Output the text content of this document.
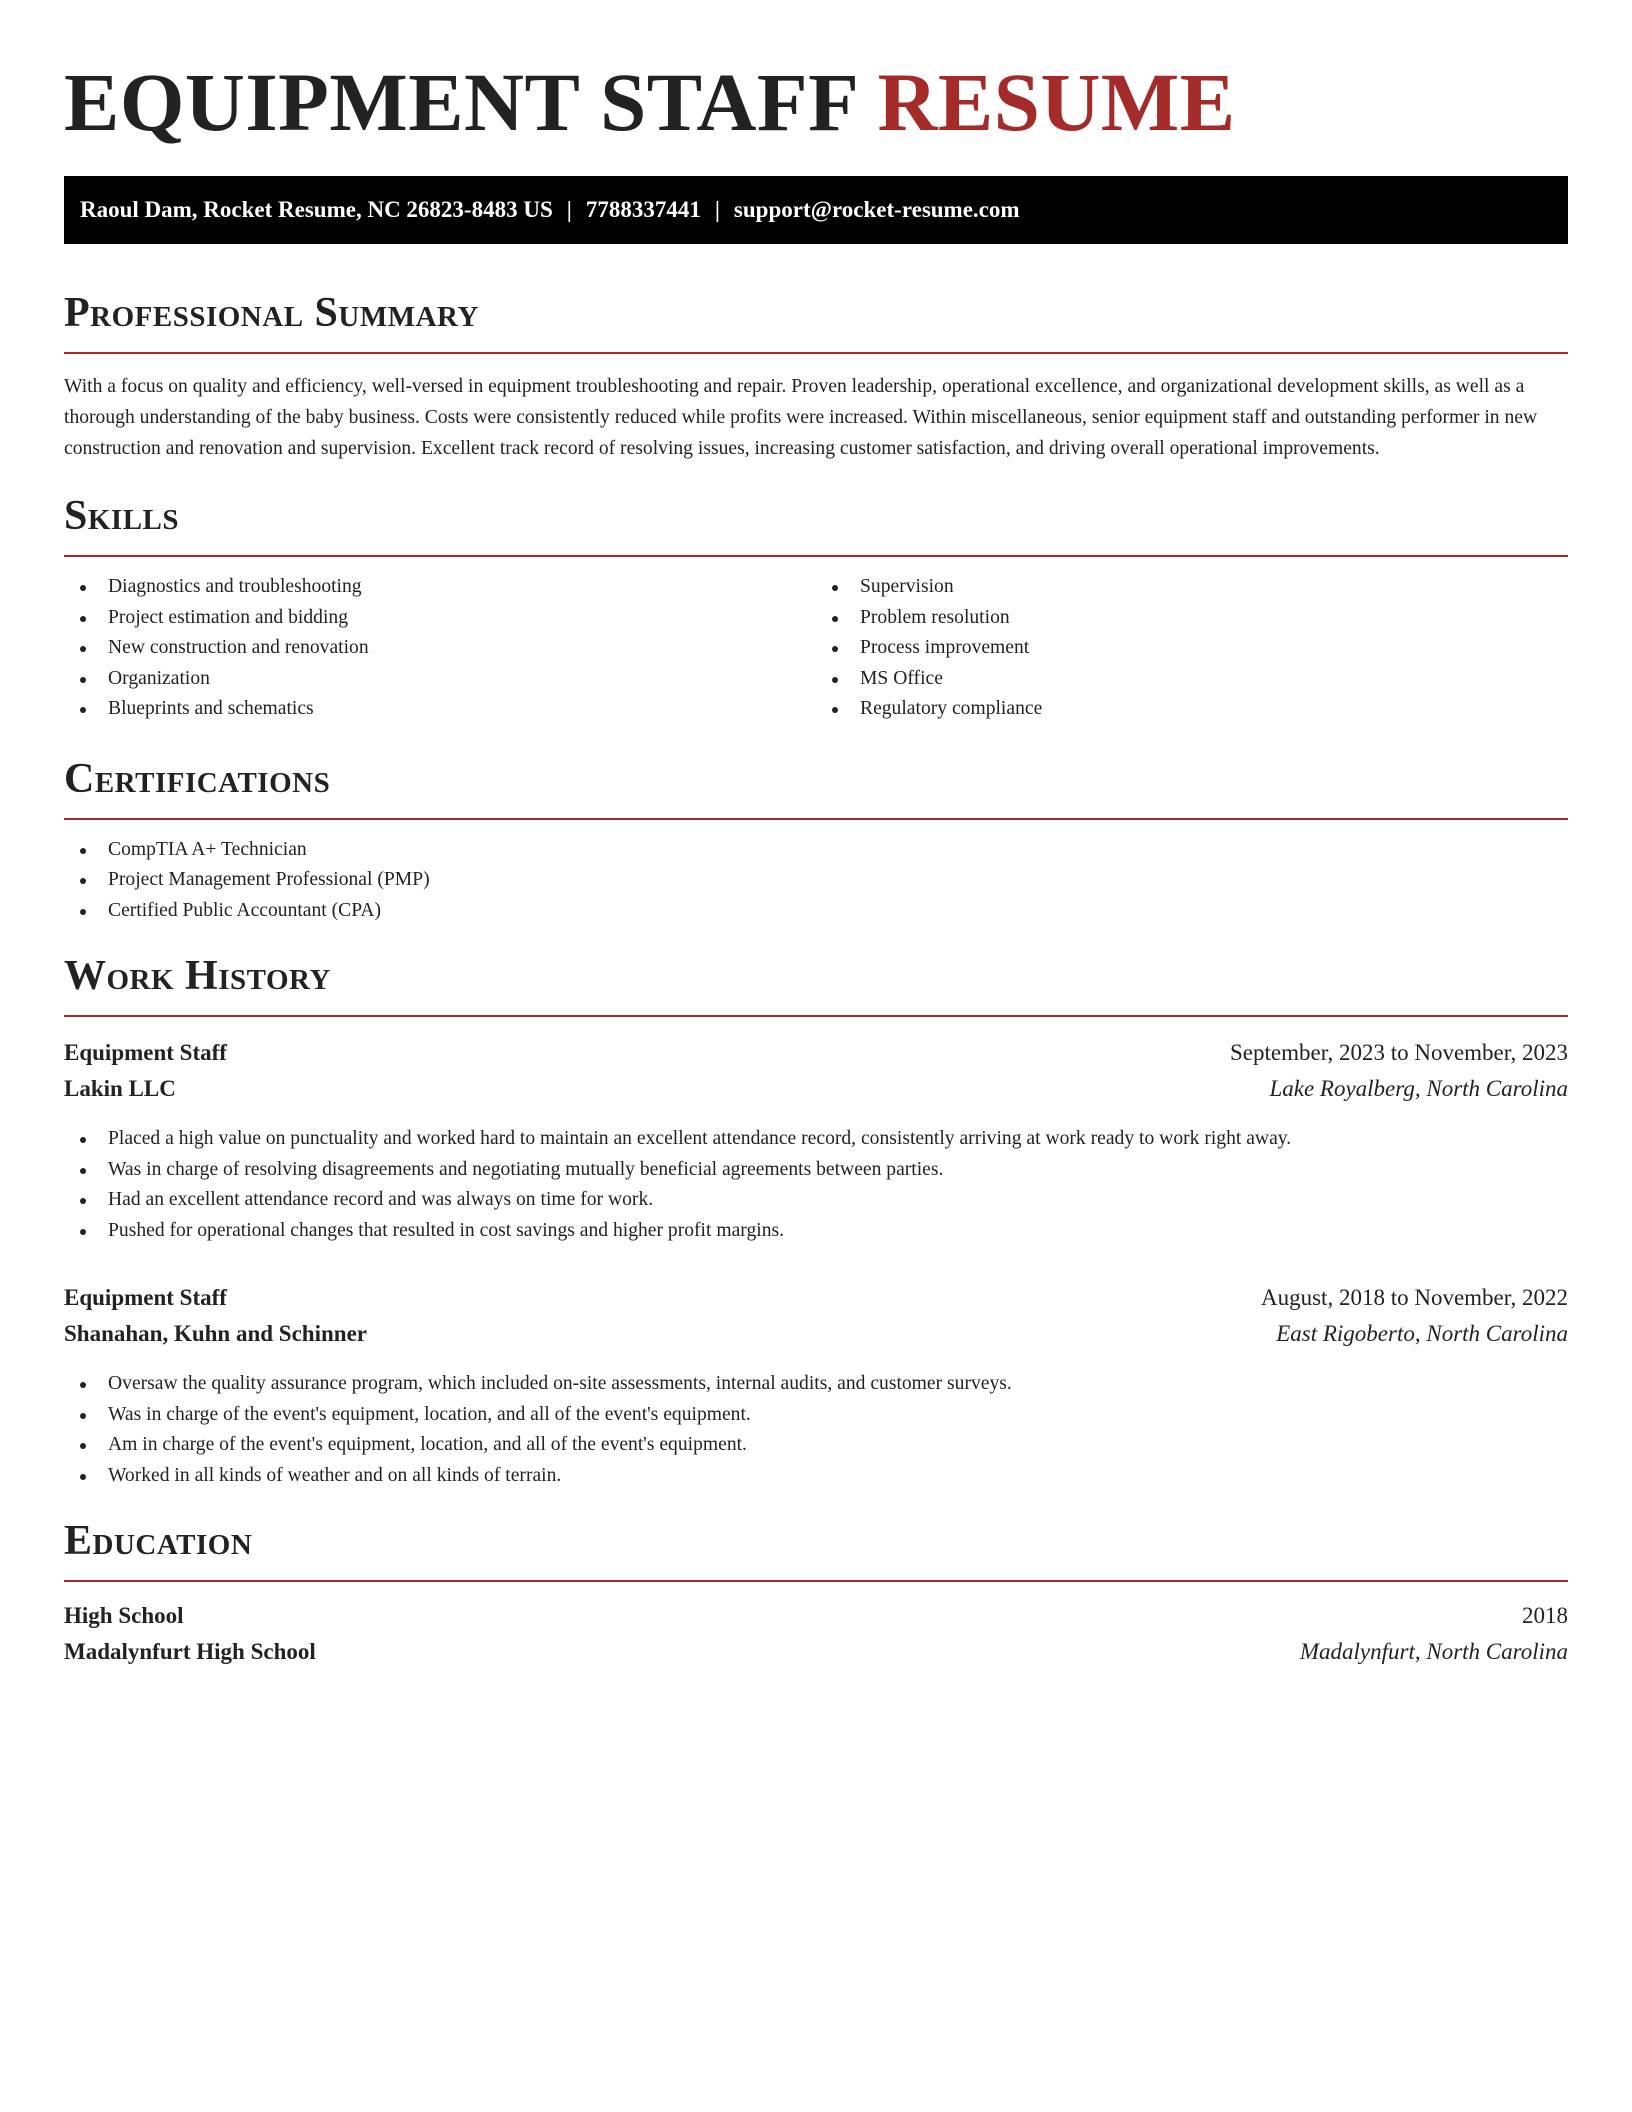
EQUIPMENT STAFF RESUME
Raoul Dam, Rocket Resume, NC 26823-8483 US | 7788337441 | support@rocket-resume.com
Professional Summary

With a focus on quality and efficiency, well-versed in equipment troubleshooting and repair. Proven leadership, operational excellence, and organizational development skills, as well as a thorough understanding of the baby business. Costs were consistently reduced while profits were increased. Within miscellaneous, senior equipment staff and outstanding performer in new construction and renovation and supervision. Excellent track record of resolving issues, increasing customer satisfaction, and driving overall operational improvements.

Skills
Diagnostics and troubleshooting
Project estimation and bidding
New construction and renovation
Organization
Blueprints and schematics
Supervision
Problem resolution
Process improvement
MS Office
Regulatory compliance
Certifications
CompTIA A+ Technician
Project Management Professional (PMP)
Certified Public Accountant (CPA)
Work History
Equipment Staff	September, 2023 to November, 2023
Lakin LLC	Lake Royalberg, North Carolina
Placed a high value on punctuality and worked hard to maintain an excellent attendance record, consistently arriving at work ready to work right away.
Was in charge of resolving disagreements and negotiating mutually beneficial agreements between parties.
Had an excellent attendance record and was always on time for work.
Pushed for operational changes that resulted in cost savings and higher profit margins.
Equipment Staff	August, 2018 to November, 2022
Shanahan, Kuhn and Schinner	East Rigoberto, North Carolina
Oversaw the quality assurance program, which included on-site assessments, internal audits, and customer surveys.
Was in charge of the event's equipment, location, and all of the event's equipment.
Am in charge of the event's equipment, location, and all of the event's equipment.
Worked in all kinds of weather and on all kinds of terrain.
Education
High School	2018
Madalynfurt High School	Madalynfurt, North Carolina
